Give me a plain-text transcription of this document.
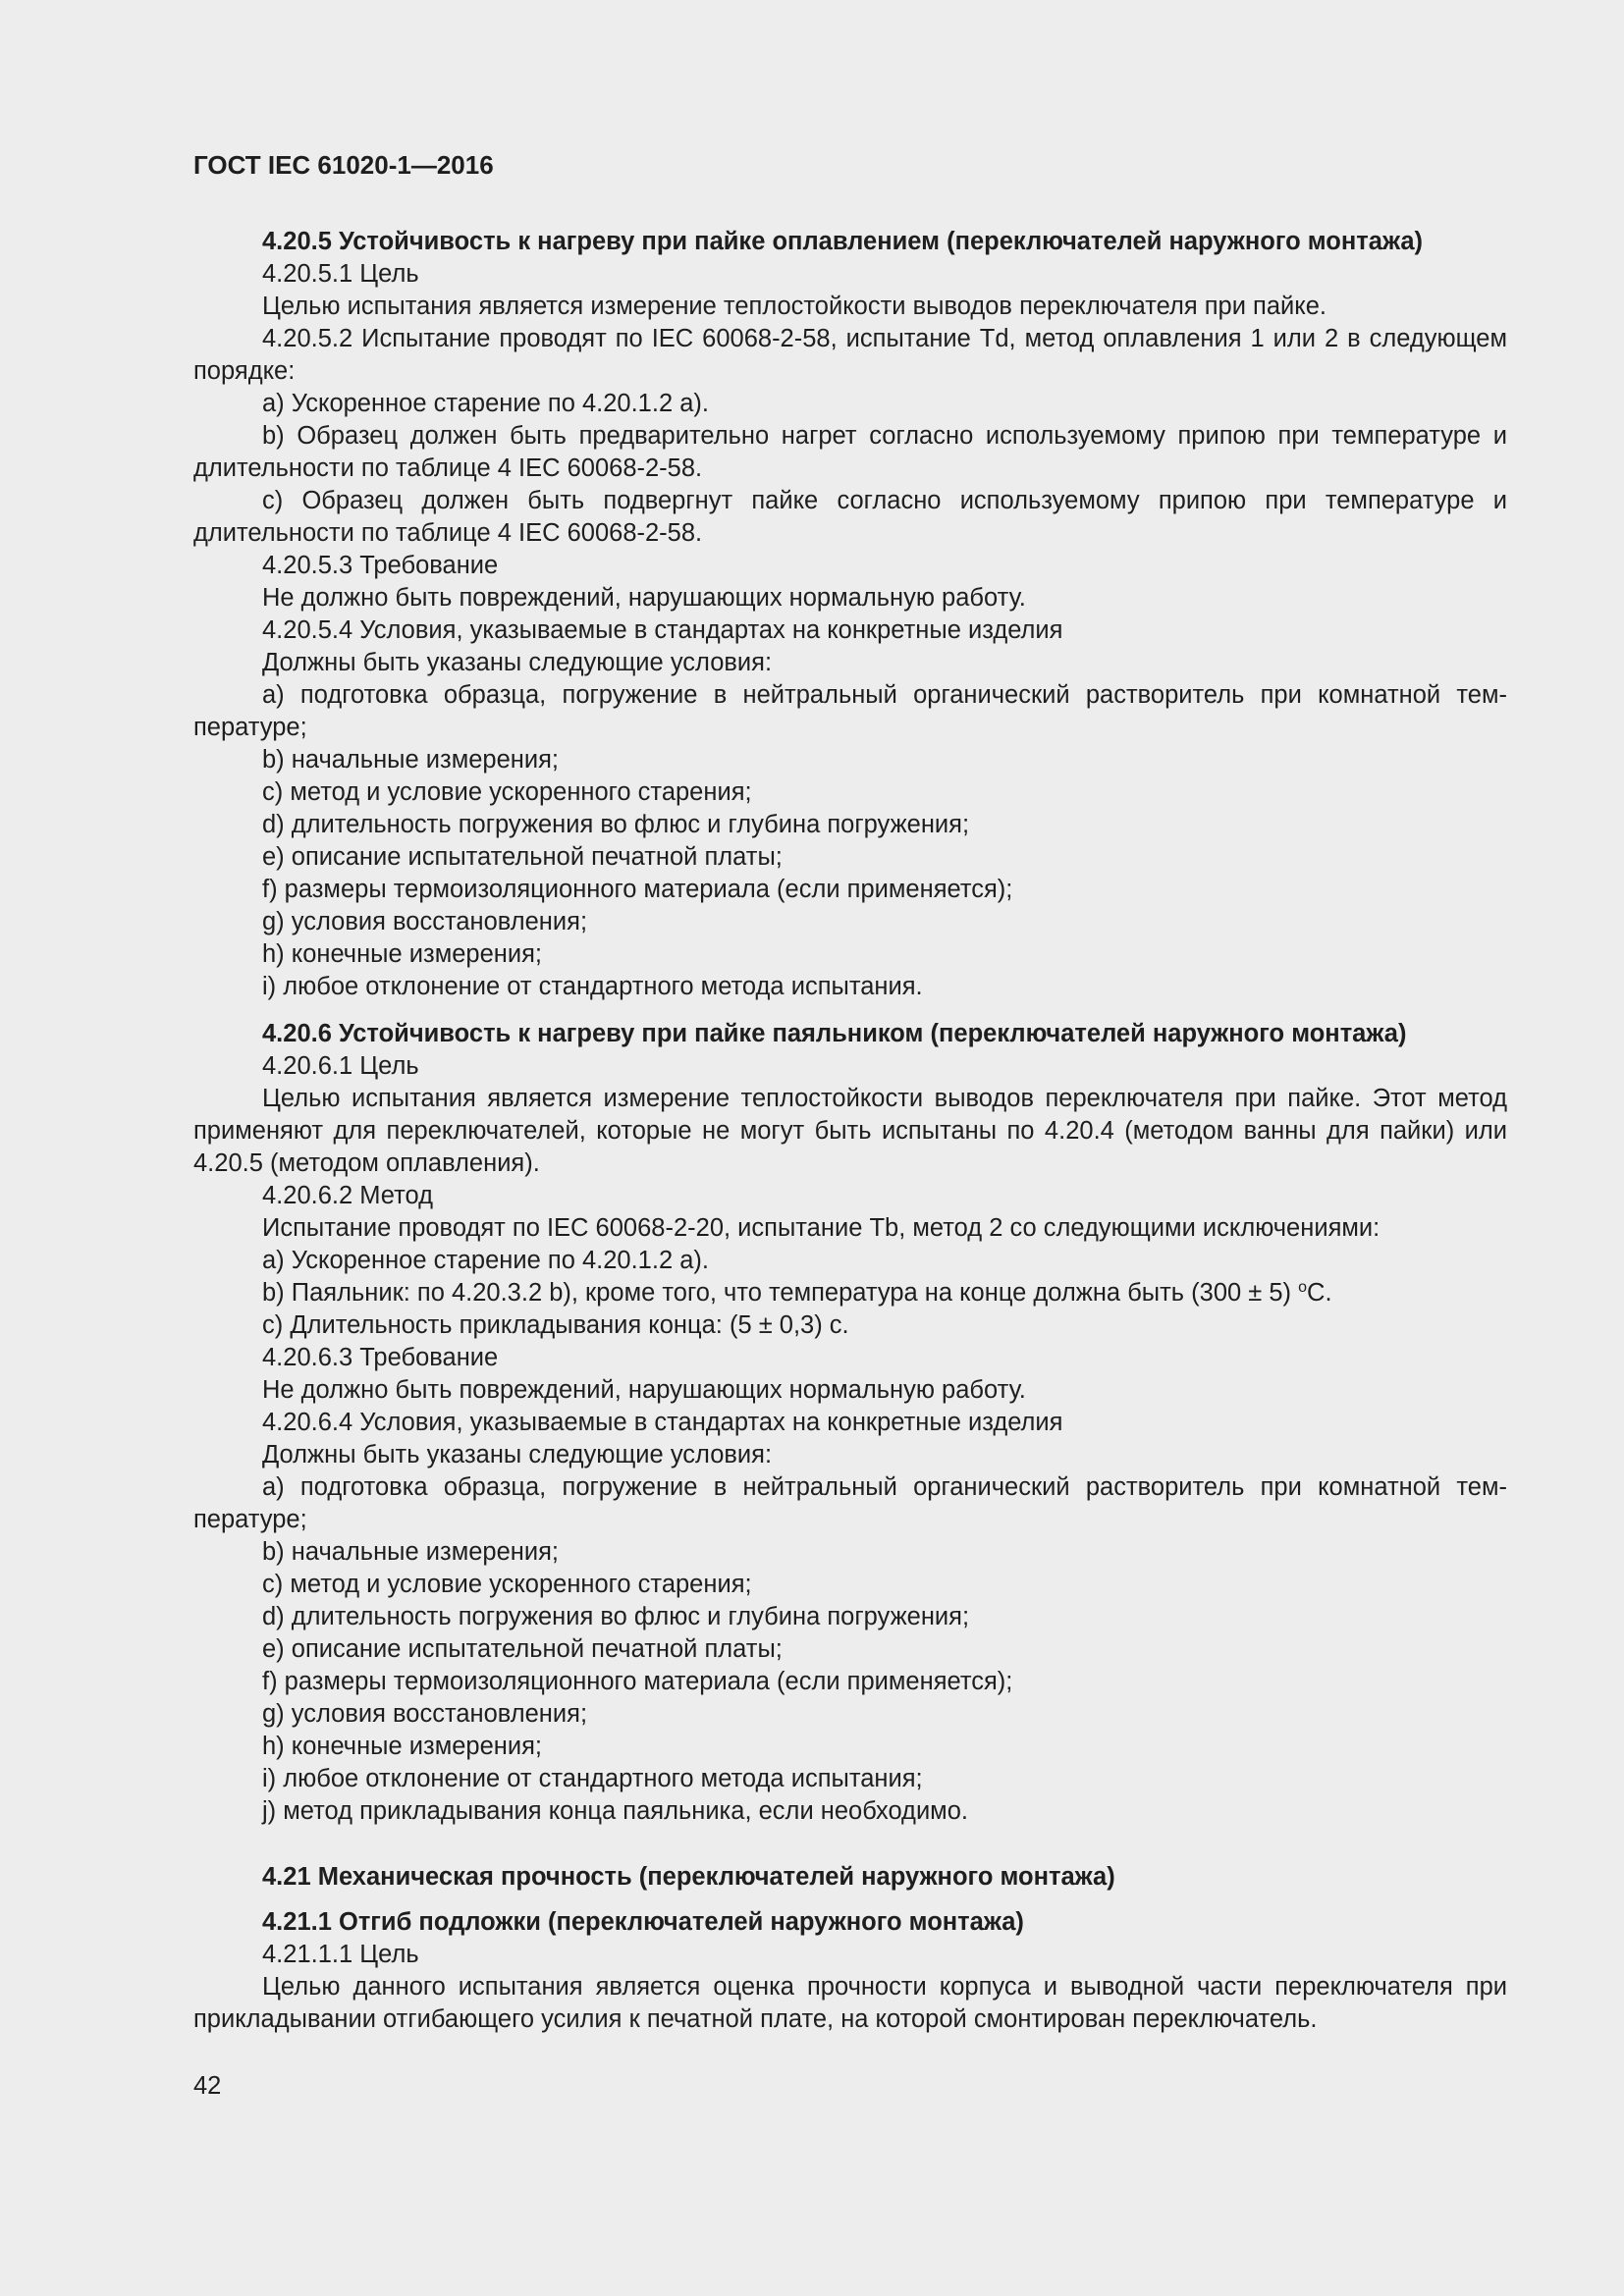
ГОСТ IEC 61020-1—2016

4.20.5 Устойчивость к нагреву при пайке оплавлением (переключателей наружного монтажа)

4.20.5.1 Цель

Целью испытания является измерение теплостойкости выводов переключателя при пайке.

4.20.5.2 Испытание проводят по IEC 60068-2-58, испытание Td, метод оплавления 1 или 2 в следующем порядке:

а) Ускоренное старение по 4.20.1.2 а).

b) Образец должен быть предварительно нагрет согласно используемому припою при температуре и длительности по таблице 4 IEC 60068-2-58.

с) Образец должен быть подвергнут пайке согласно используемому припою при температуре и длительности по таблице 4 IEC 60068-2-58.

4.20.5.3 Требование

Не должно быть повреждений, нарушающих нормальную работу.

4.20.5.4 Условия, указываемые в стандартах на конкретные изделия

Должны быть указаны следующие условия:

а) подготовка образца, погружение в нейтральный органический растворитель при комнатной температуре;

b) начальные измерения;

с) метод и условие ускоренного старения;

d) длительность погружения во флюс и глубина погружения;

е) описание испытательной печатной платы;

f) размеры термоизоляционного материала (если применяется);

g) условия восстановления;

h) конечные измерения;

i) любое отклонение от стандартного метода испытания.

4.20.6 Устойчивость к нагреву при пайке паяльником (переключателей наружного монтажа)

4.20.6.1 Цель

Целью испытания является измерение теплостойкости выводов переключателя при пайке. Этот метод применяют для переключателей, которые не могут быть испытаны по 4.20.4 (методом ванны для пайки) или 4.20.5 (методом оплавления).

4.20.6.2 Метод

Испытание проводят по IEC 60068-2-20, испытание Tb, метод 2 со следующими исключениями:

а) Ускоренное старение по 4.20.1.2 а).

b) Паяльник: по 4.20.3.2 b), кроме того, что температура на конце должна быть (300 ± 5) $^о$С.

с) Длительность прикладывания конца: (5 ± 0,3) с.

4.20.6.3 Требование

Не должно быть повреждений, нарушающих нормальную работу.

4.20.6.4 Условия, указываемые в стандартах на конкретные изделия

Должны быть указаны следующие условия:

а) подготовка образца, погружение в нейтральный органический растворитель при комнатной температуре;

b) начальные измерения;

с) метод и условие ускоренного старения;

d) длительность погружения во флюс и глубина погружения;

е) описание испытательной печатной платы;

f) размеры термоизоляционного материала (если применяется);

g) условия восстановления;

h) конечные измерения;

i) любое отклонение от стандартного метода испытания;

j) метод прикладывания конца паяльника, если необходимо.

4.21 Механическая прочность (переключателей наружного монтажа)

4.21.1 Отгиб подложки (переключателей наружного монтажа)

4.21.1.1 Цель

Целью данного испытания является оценка прочности корпуса и выводной части переключателя при прикладывании отгибающего усилия к печатной плате, на которой смонтирован переключатель.

42
